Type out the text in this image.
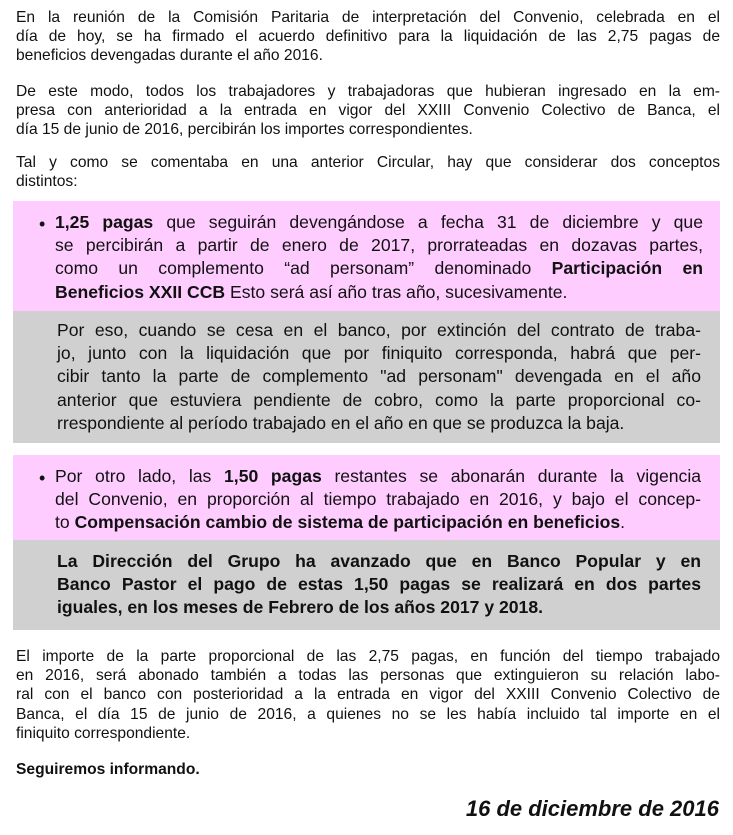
En la reunión de la Comisión Paritaria de interpretación del Convenio, celebrada en el
día de hoy, se ha firmado el acuerdo definitivo para la liquidación de las 2,75 pagas de
beneficios devengadas durante el año 2016.
De este modo, todos los trabajadores y trabajadoras que hubieran ingresado en la em-
presa con anterioridad a la entrada en vigor del XXIII Convenio Colectivo de Banca, el
día 15 de junio de 2016, percibirán los importes correspondientes.
Tal y como se comentaba en una anterior Circular, hay que considerar dos conceptos
distintos:
• 1,25 pagas que seguirán devengándose a fecha 31 de diciembre y que
se percibirán a partir de enero de 2017, prorrateadas en dozavas partes,
como un complemento “ad personam” denominado Participación en
Beneficios XXII CCB Esto será así año tras año, sucesivamente.
Por eso, cuando se cesa en el banco, por extinción del contrato de traba-
jo, junto con la liquidación que por finiquito corresponda, habrá que per-
cibir tanto la parte de complemento "ad personam" devengada en el año
anterior que estuviera pendiente de cobro, como la parte proporcional co-
rrespondiente al período trabajado en el año en que se produzca la baja.
• Por otro lado, las 1,50 pagas restantes se abonarán durante la vigencia
del Convenio, en proporción al tiempo trabajado en 2016, y bajo el concep-
to Compensación cambio de sistema de participación en beneficios.
La Dirección del Grupo ha avanzado que en Banco Popular y en
Banco Pastor el pago de estas 1,50 pagas se realizará en dos partes
iguales, en los meses de Febrero de los años 2017 y 2018.
El importe de la parte proporcional de las 2,75 pagas, en función del tiempo trabajado
en 2016, será abonado también a todas las personas que extinguieron su relación labo-
ral con el banco con posterioridad a la entrada en vigor del XXIII Convenio Colectivo de
Banca, el día 15 de junio de 2016, a quienes no se les había incluido tal importe en el
finiquito correspondiente.
Seguiremos informando.
16 de diciembre de 2016
